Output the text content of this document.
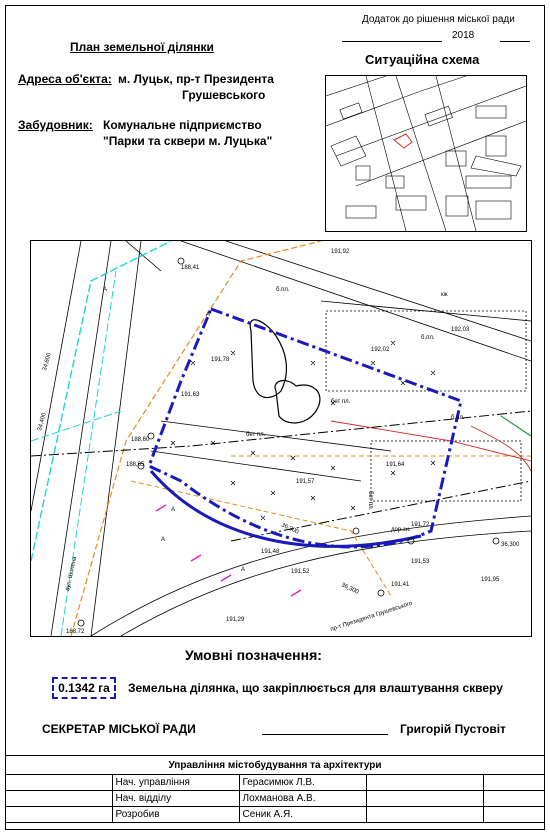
Додаток до рішення міської ради
2018
План земельної ділянки
Адреса об'єкта: м. Луцьк, пр-т Президента
Грушевського
Забудовник: Комунальне підприємство
"Парки та сквери м. Луцька"
Ситуаційна схема
188,41
188,60
188,65
188,72
191,57
191,72
191,92
191,63
191,64
191,78
191,48
191,53
191,52
191,41
191,29
192,03
192,02
191,95
36,300
36,300
36,300
34,600
34,400
б.пл.
б.пл.
б.пл.
бет пл.
бет пл.
бет пл.
кж
дор.зн.
пр-т Президента Грушевського
вул. Шопена
А
А
А
А
А
Умовні позначення:
0.1342 га	Земельна ділянка, що закріплюється для влаштування скверу
СЕКРЕТАР МІСЬКОЇ РАДИ	Григорій Пустовіт
Управління містобудування та архітектури				
	Нач. управління	Герасимюк Л.В.		
	Нач. відділу	Лохманова А.В.		
	Розробив	Сеник А.Я.		
